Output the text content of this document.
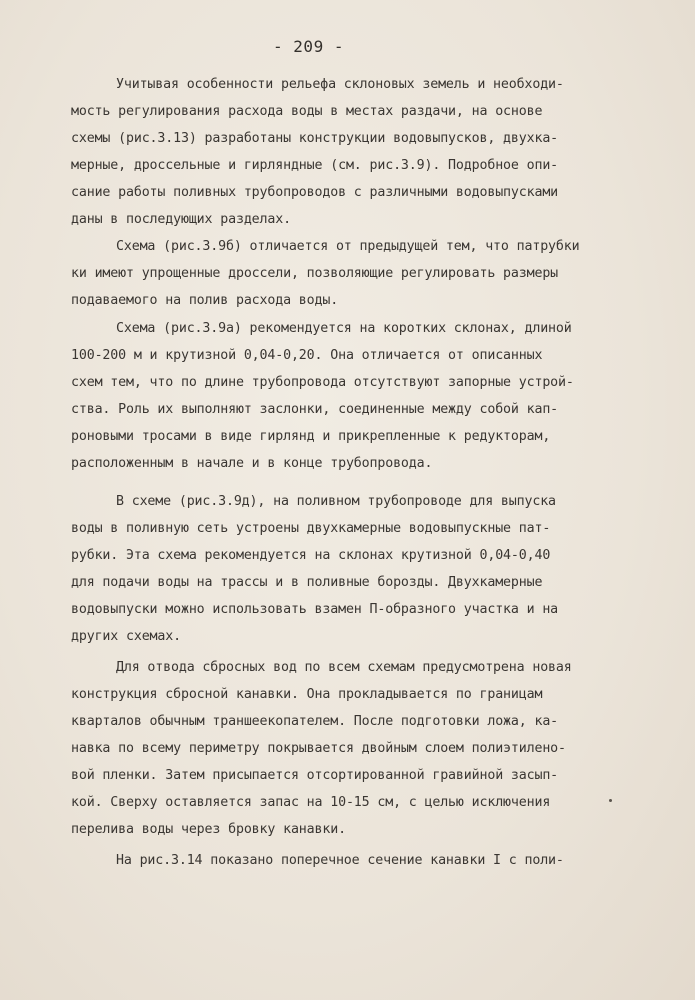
- 209 -
Учитывая особенности рельефа склоновых земель и необходи-
мость регулирования расхода воды в местах раздачи, на основе
схемы (рис.3.13) разработаны конструкции водовыпусков, двухка-
мерные, дроссельные и гирляндные (см. рис.3.9). Подробное опи-
сание работы поливных трубопроводов с различными водовыпусками
даны в последующих разделах.
Схема (рис.3.9б) отличается от предыдущей тем, что патрубки
ки имеют упрощенные дроссели, позволяющие регулировать размеры
подаваемого на полив расхода воды.
Схема (рис.3.9а) рекомендуется на коротких склонах, длиной
100-200 м и крутизной 0,04-0,20. Она отличается от описанных
схем тем, что по длине трубопровода отсутствуют запорные устрой-
ства. Роль их выполняют заслонки, соединенные между собой кап-
роновыми тросами в виде гирлянд и прикрепленные к редукторам,
расположенным в начале и в конце трубопровода.
В схеме (рис.3.9д), на поливном трубопроводе для выпуска
воды в поливную сеть устроены двухкамерные водовыпускные пат-
рубки. Эта схема рекомендуется на склонах крутизной 0,04-0,40
для подачи воды на трассы и в поливные борозды. Двухкамерные
водовыпуски можно использовать взамен П-образного участка и на
других схемах.
Для отвода сбросных вод по всем схемам предусмотрена новая
конструкция сбросной канавки. Она прокладывается по границам
кварталов обычным траншеекопателем. После подготовки ложа, ка-
навка по всему периметру покрывается двойным слоем полиэтилено-
вой пленки. Затем присыпается отсортированной гравийной засып-
кой. Сверху оставляется запас на 10-15 см, с целью исключения
перелива воды через бровку канавки.
На рис.3.14 показано поперечное сечение канавки I с поли-
